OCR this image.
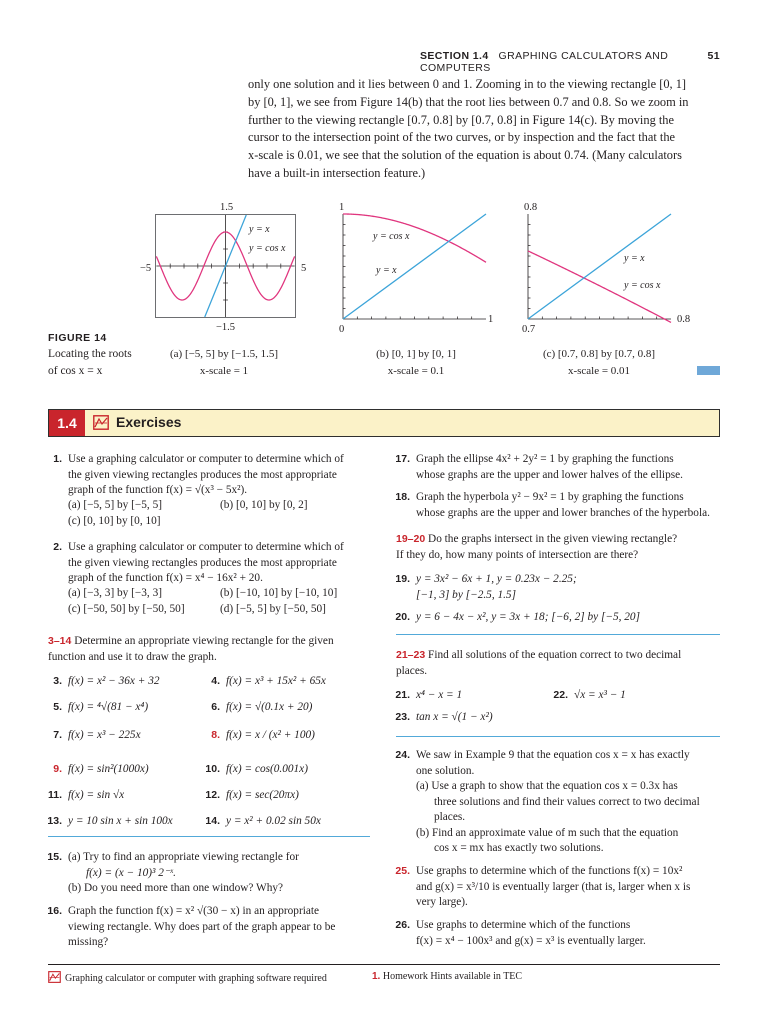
SECTION 1.4 GRAPHING CALCULATORS AND COMPUTERS
51
only one solution and it lies between 0 and 1. Zooming in to the viewing rectangle [0, 1]
by [0, 1], we see from Figure 14(b) that the root lies between 0.7 and 0.8. So we zoom in
further to the viewing rectangle [0.7, 0.8] by [0.7, 0.8] in Figure 14(c). By moving the
cursor to the intersection point of the two curves, or by inspection and the fact that the
x-scale is 0.01, we see that the solution of the equation is about 0.74. (Many calculators
have a built-in intersection feature.)
1.5
−5	5
−1.5
y = x
y = cos x
1
0
1
y = cos x
y = x
0.8
0.7
0.8
y = x
y = cos x
FIGURE 14
Locating the roots
of cos x = x
(a) [−5, 5] by [−1.5, 1.5]
x-scale = 1
(b) [0, 1] by [0, 1]
x-scale = 0.1
(c) [0.7, 0.8] by [0.7, 0.8]
x-scale = 0.01
1.4	Exercises
1. Use a graphing calculator or computer to determine which of
the given viewing rectangles produces the most appropriate
graph of the function f(x) = √(x³ − 5x²).
(a) [−5, 5] by [−5, 5]	(b) [0, 10] by [0, 2]
(c) [0, 10] by [0, 10]
2. Use a graphing calculator or computer to determine which of
the given viewing rectangles produces the most appropriate
graph of the function f(x) = x⁴ − 16x² + 20.
(a) [−3, 3] by [−3, 3]	(b) [−10, 10] by [−10, 10]
(c) [−50, 50] by [−50, 50]	(d) [−5, 5] by [−50, 50]
3–14 Determine an appropriate viewing rectangle for the given
function and use it to draw the graph.
3. f(x) = x² − 36x + 32	4. f(x) = x³ + 15x² + 65x
5. f(x) = ⁴√(81 − x⁴)	6. f(x) = √(0.1x + 20)
7. f(x) = x³ − 225x	8. f(x) = x / (x² + 100)
9. f(x) = sin²(1000x)	10. f(x) = cos(0.001x)
11. f(x) = sin √x	12. f(x) = sec(20πx)
13. y = 10 sin x + sin 100x	14. y = x² + 0.02 sin 50x
15. (a) Try to find an appropriate viewing rectangle for
f(x) = (x − 10)³ 2⁻ˣ.
(b) Do you need more than one window? Why?
16. Graph the function f(x) = x² √(30 − x) in an appropriate
viewing rectangle. Why does part of the graph appear to be
missing?
17. Graph the ellipse 4x² + 2y² = 1 by graphing the functions
whose graphs are the upper and lower halves of the ellipse.
18. Graph the hyperbola y² − 9x² = 1 by graphing the functions
whose graphs are the upper and lower branches of the hyperbola.
19–20 Do the graphs intersect in the given viewing rectangle?
If they do, how many points of intersection are there?
19. y = 3x² − 6x + 1, y = 0.23x − 2.25;
[−1, 3] by [−2.5, 1.5]
20. y = 6 − 4x − x², y = 3x + 18; [−6, 2] by [−5, 20]
21–23 Find all solutions of the equation correct to two decimal
places.
21. x⁴ − x = 1	22. √x = x³ − 1
23. tan x = √(1 − x²)
24. We saw in Example 9 that the equation cos x = x has exactly
one solution.
(a) Use a graph to show that the equation cos x = 0.3x has
three solutions and find their values correct to two decimal
places.
(b) Find an approximate value of m such that the equation
cos x = mx has exactly two solutions.
25. Use graphs to determine which of the functions f(x) = 10x²
and g(x) = x³/10 is eventually larger (that is, larger when x is
very large).
26. Use graphs to determine which of the functions
f(x) = x⁴ − 100x³ and g(x) = x³ is eventually larger.
Graphing calculator or computer with graphing software required	1. Homework Hints available in TEC
